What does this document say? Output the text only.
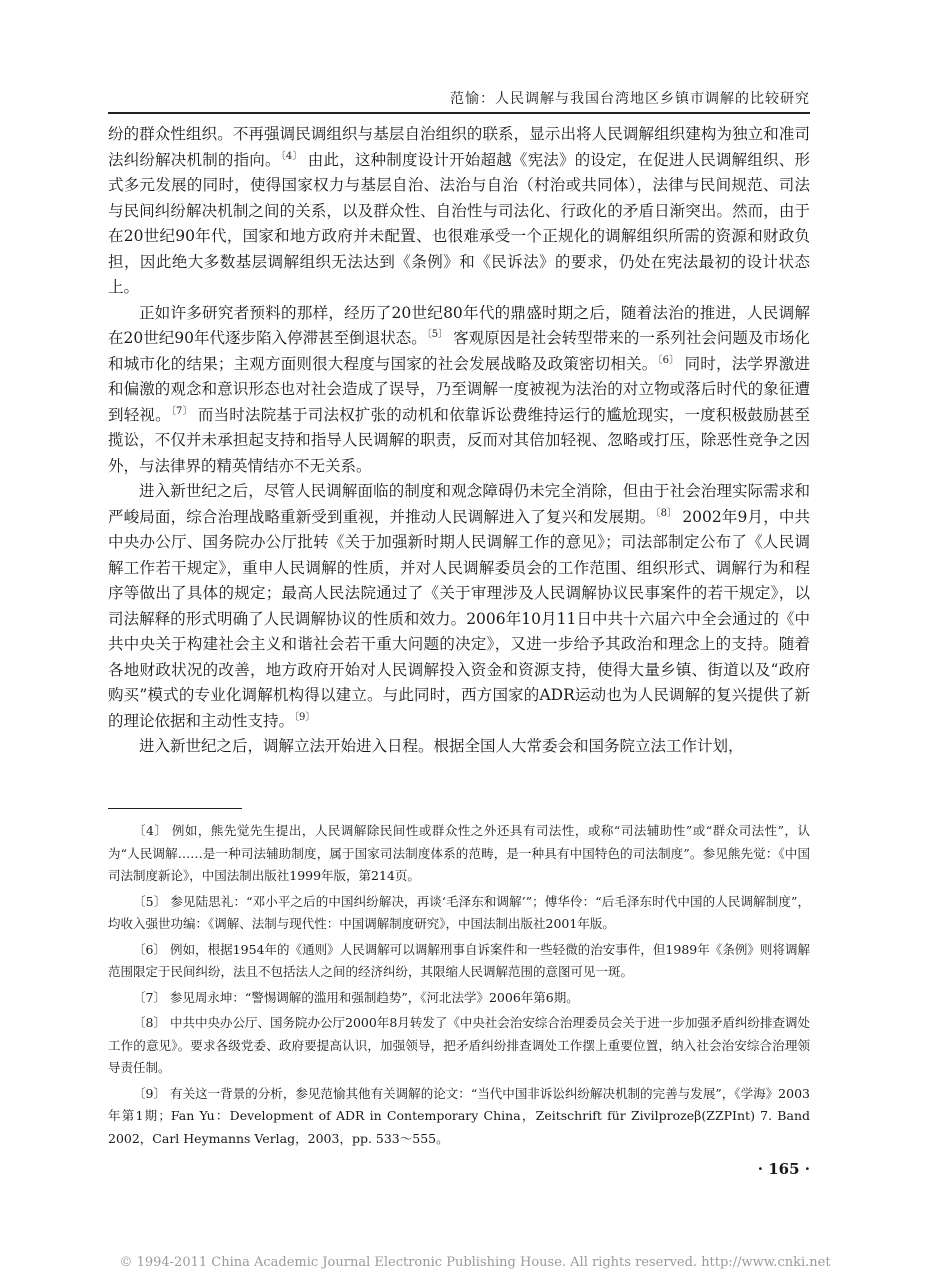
范愉：人民调解与我国台湾地区乡镇市调解的比较研究

纷的群众性组织。不再强调民调组织与基层自治组织的联系，显示出将人民调解组织建构为独立和准司法纠纷解决机制的指向。$^{〔4〕}$ 由此，这种制度设计开始超越《宪法》的设定，在促进人民调解组织、形式多元发展的同时，使得国家权力与基层自治、法治与自治（村治或共同体），法律与民间规范、司法与民间纠纷解决机制之间的关系，以及群众性、自治性与司法化、行政化的矛盾日渐突出。然而，由于在20世纪90年代，国家和地方政府并未配置、也很难承受一个正规化的调解组织所需的资源和财政负担，因此绝大多数基层调解组织无法达到《条例》和《民诉法》的要求，仍处在宪法最初的设计状态上。

正如许多研究者预料的那样，经历了20世纪80年代的鼎盛时期之后，随着法治的推进，人民调解在20世纪90年代逐步陷入停滞甚至倒退状态。$^{〔5〕}$ 客观原因是社会转型带来的一系列社会问题及市场化和城市化的结果；主观方面则很大程度与国家的社会发展战略及政策密切相关。$^{〔6〕}$ 同时，法学界激进和偏激的观念和意识形态也对社会造成了误导，乃至调解一度被视为法治的对立物或落后时代的象征遭到轻视。$^{〔7〕}$ 而当时法院基于司法权扩张的动机和依靠诉讼费维持运行的尴尬现实，一度积极鼓励甚至揽讼，不仅并未承担起支持和指导人民调解的职责，反而对其倍加轻视、忽略或打压，除恶性竞争之因外，与法律界的精英情结亦不无关系。

进入新世纪之后，尽管人民调解面临的制度和观念障碍仍未完全消除，但由于社会治理实际需求和严峻局面，综合治理战略重新受到重视，并推动人民调解进入了复兴和发展期。$^{〔8〕}$ 2002年9月，中共中央办公厅、国务院办公厅批转《关于加强新时期人民调解工作的意见》；司法部制定公布了《人民调解工作若干规定》，重申人民调解的性质，并对人民调解委员会的工作范围、组织形式、调解行为和程序等做出了具体的规定；最高人民法院通过了《关于审理涉及人民调解协议民事案件的若干规定》，以司法解释的形式明确了人民调解协议的性质和效力。2006年10月11日中共十六届六中全会通过的《中共中央关于构建社会主义和谐社会若干重大问题的决定》，又进一步给予其政治和理念上的支持。随着各地财政状况的改善，地方政府开始对人民调解投入资金和资源支持，使得大量乡镇、街道以及“政府购买”模式的专业化调解机构得以建立。与此同时，西方国家的ADR运动也为人民调解的复兴提供了新的理论依据和主动性支持。$^{〔9〕}$

进入新世纪之后，调解立法开始进入日程。根据全国人大常委会和国务院立法工作计划，

〔4〕 例如，熊先觉先生提出，人民调解除民间性或群众性之外还具有司法性，或称“司法辅助性”或“群众司法性”，认为“人民调解……是一种司法辅助制度，属于国家司法制度体系的范畴，是一种具有中国特色的司法制度”。参见熊先觉：《中国司法制度新论》，中国法制出版社1999年版，第214页。

〔5〕 参见陆思礼：“邓小平之后的中国纠纷解决，再谈‘毛泽东和调解’”；傅华伶：“后毛泽东时代中国的人民调解制度”，均收入强世功编：《调解、法制与现代性：中国调解制度研究》，中国法制出版社2001年版。

〔6〕 例如，根据1954年的《通则》人民调解可以调解刑事自诉案件和一些轻微的治安事件，但1989年《条例》则将调解范围限定于民间纠纷，法且不包括法人之间的经济纠纷，其限缩人民调解范围的意图可见一斑。

〔7〕 参见周永坤：“警惕调解的滥用和强制趋势”，《河北法学》2006年第6期。

〔8〕 中共中央办公厅、国务院办公厅2000年8月转发了《中央社会治安综合治理委员会关于进一步加强矛盾纠纷排查调处工作的意见》。要求各级党委、政府要提高认识，加强领导，把矛盾纠纷排查调处工作摆上重要位置，纳入社会治安综合治理领导责任制。

〔9〕 有关这一背景的分析，参见范愉其他有关调解的论文：“当代中国非诉讼纠纷解决机制的完善与发展”，《学海》2003年第1期；Fan Yu：Development of ADR in Contemporary China，Zeitschrift für Zivilprozeβ(ZZPInt) 7. Band 2002，Carl Heymanns Verlag，2003，pp. 533～555。

· 165 ·
© 1994-2011 China Academic Journal Electronic Publishing House. All rights reserved. http://www.cnki.net
